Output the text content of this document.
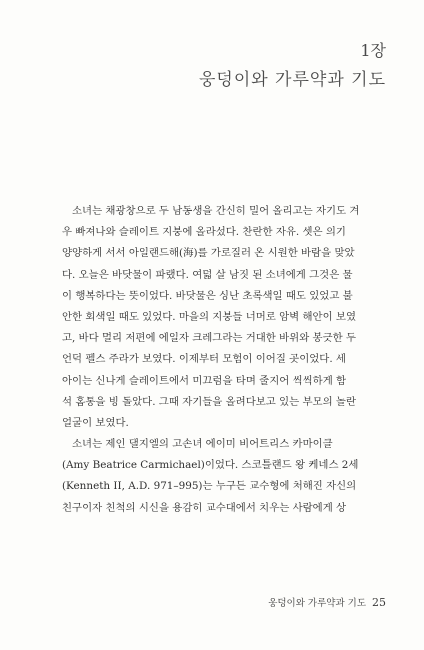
1장

웅덩이와 가루약과 기도

소녀는 채광창으로 두 남동생을 간신히 밀어 올리고는 자기도 겨
우 빠져나와 슬레이트 지붕에 올라섰다. 찬란한 자유. 셋은 의기
양양하게 서서 아일랜드해(海)를 가로질러 온 시원한 바람을 맞았
다. 오늘은 바닷물이 파랬다. 여덟 살 남짓 된 소녀에게 그것은 물
이 행복하다는 뜻이었다. 바닷물은 싱난 초록색일 때도 있었고 불
안한 회색일 때도 있었다. 마을의 지붕들 너머로 암벽 해안이 보였
고, 바다 멀리 저편에 에일자 크레그라는 거대한 바위와 봉긋한 두
언덕 펠스 주라가 보였다. 이제부터 모험이 이어질 곳이었다. 세
아이는 신나게 슬레이트에서 미끄럼을 타며 줄지어 씩씩하게 함
석 홈통을 빙 돌았다. 그때 자기들을 올려다보고 있는 부모의 놀란
얼굴이 보였다.

소녀는 제인 댈지엘의 고손녀 에이미 비어트리스 카마이클
(Amy Beatrice Carmichael)이었다. 스코틀랜드 왕 케네스 2세
(Kenneth II, A.D. 971–995)는 누구든 교수형에 처해진 자신의
친구이자 친척의 시신을 용감히 교수대에서 치우는 사람에게 상

웅덩이와 가루약과 기도 25
